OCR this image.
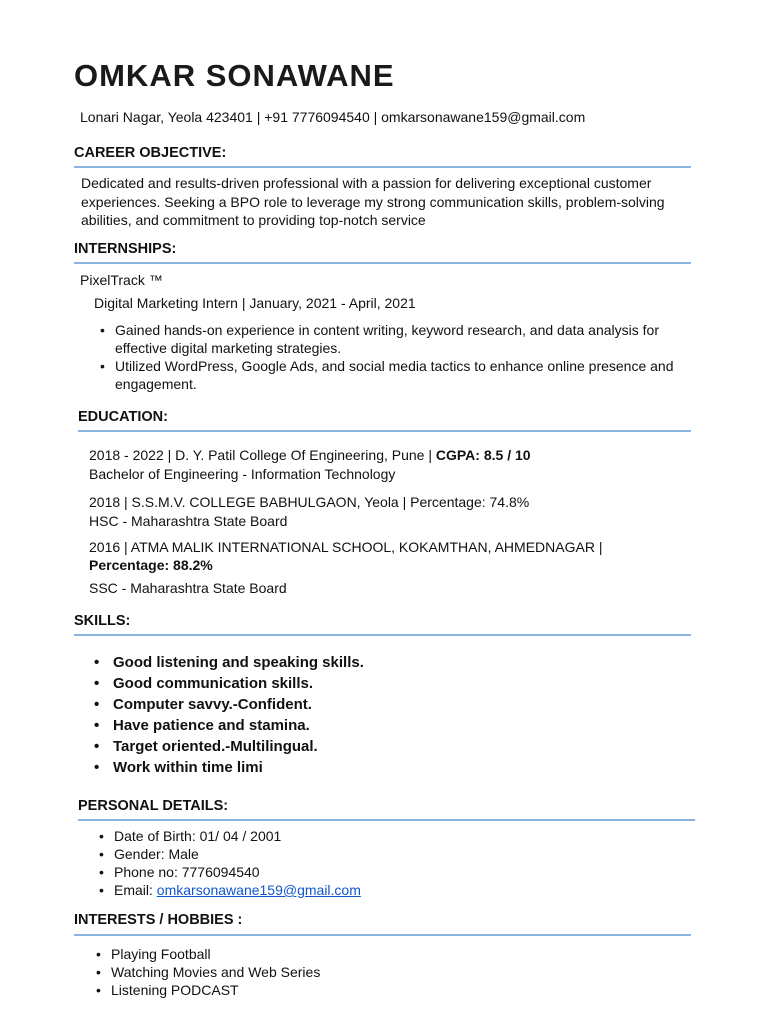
OMKAR SONAWANE
Lonari Nagar, Yeola 423401 | +91 7776094540 | omkarsonawane159@gmail.com
CAREER OBJECTIVE:
Dedicated and results-driven professional with a passion for delivering exceptional customer experiences. Seeking a BPO role to leverage my strong communication skills, problem-solving abilities, and commitment to providing top-notch service
INTERNSHIPS:
PixelTrack ™
Digital Marketing Intern | January, 2021 - April, 2021
• Gained hands-on experience in content writing, keyword research, and data analysis for effective digital marketing strategies.
• Utilized WordPress, Google Ads, and social media tactics to enhance online presence and engagement.
EDUCATION:
2018 - 2022 | D. Y. Patil College Of Engineering, Pune | CGPA: 8.5 / 10
Bachelor of Engineering - Information Technology
2018 | S.S.M.V. COLLEGE BABHULGAON, Yeola | Percentage: 74.8%
HSC - Maharashtra State Board
2016 | ATMA MALIK INTERNATIONAL SCHOOL, KOKAMTHAN, AHMEDNAGAR |
Percentage: 88.2%
SSC - Maharashtra State Board
SKILLS:
• Good listening and speaking skills.
• Good communication skills.
• Computer savvy.-Confident.
• Have patience and stamina.
• Target oriented.-Multilingual.
• Work within time limi
PERSONAL DETAILS:
• Date of Birth: 01/ 04 / 2001
• Gender: Male
• Phone no: 7776094540
• Email: omkarsonawane159@gmail.com
INTERESTS / HOBBIES :
• Playing Football
• Watching Movies and Web Series
• Listening PODCAST
